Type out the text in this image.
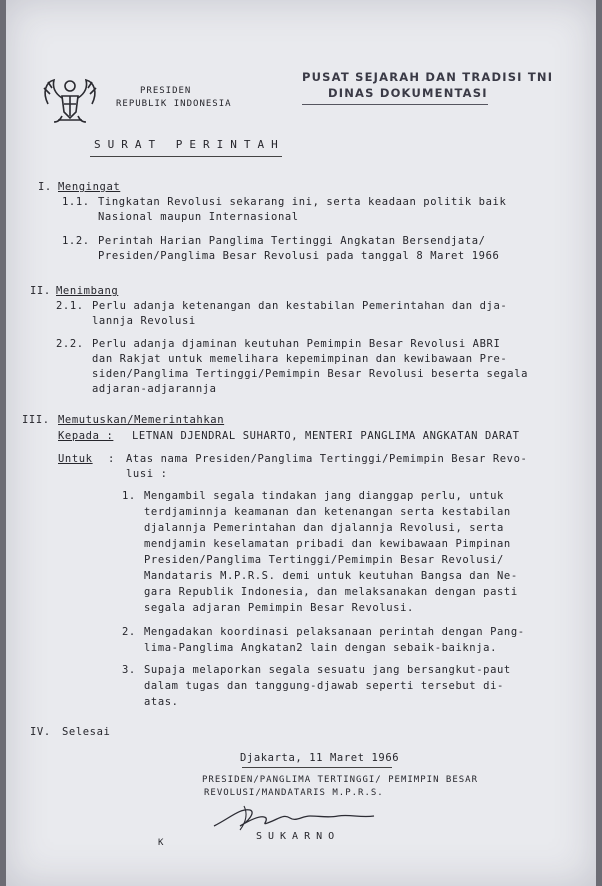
PRESIDEN
REPUBLIK INDONESIA
PUSAT SEJARAH DAN TRADISI TNI
DINAS DOKUMENTASI
SURAT PERINTAH
I. Mengingat
1.1. Tingkatan Revolusi sekarang ini, serta keadaan politik baik
Nasional maupun Internasional
1.2. Perintah Harian Panglima Tertinggi Angkatan Bersendjata/
Presiden/Panglima Besar Revolusi pada tanggal 8 Maret 1966
II. Menimbang
2.1. Perlu adanja ketenangan dan kestabilan Pemerintahan dan dja-
lannja Revolusi
2.2. Perlu adanja djaminan keutuhan Pemimpin Besar Revolusi ABRI
dan Rakjat untuk memelihara kepemimpinan dan kewibawaan Pre-
siden/Panglima Tertinggi/Pemimpin Besar Revolusi beserta segala
adjaran-adjarannja
III. Memutuskan/Memerintahkan
Kepada : LETNAN DJENDRAL SUHARTO, MENTERI PANGLIMA ANGKATAN DARAT
Untuk : Atas nama Presiden/Panglima Tertinggi/Pemimpin Besar Revo-
lusi :
1. Mengambil segala tindakan jang dianggap perlu, untuk
terdjaminnja keamanan dan ketenangan serta kestabilan
djalannja Pemerintahan dan djalannja Revolusi, serta
mendjamin keselamatan pribadi dan kewibawaan Pimpinan
Presiden/Panglima Tertinggi/Pemimpin Besar Revolusi/
Mandataris M.P.R.S. demi untuk keutuhan Bangsa dan Ne-
gara Republik Indonesia, dan melaksanakan dengan pasti
segala adjaran Pemimpin Besar Revolusi.
2. Mengadakan koordinasi pelaksanaan perintah dengan Pang-
lima-Panglima Angkatan2 lain dengan sebaik-baiknja.
3. Supaja melaporkan segala sesuatu jang bersangkut-paut
dalam tugas dan tanggung-djawab seperti tersebut di-
atas.
IV. Selesai
Djakarta, 11 Maret 1966
PRESIDEN/PANGLIMA TERTINGGI/ PEMIMPIN BESAR
REVOLUSI/MANDATARIS M.P.R.S.
K
SUKARNO
